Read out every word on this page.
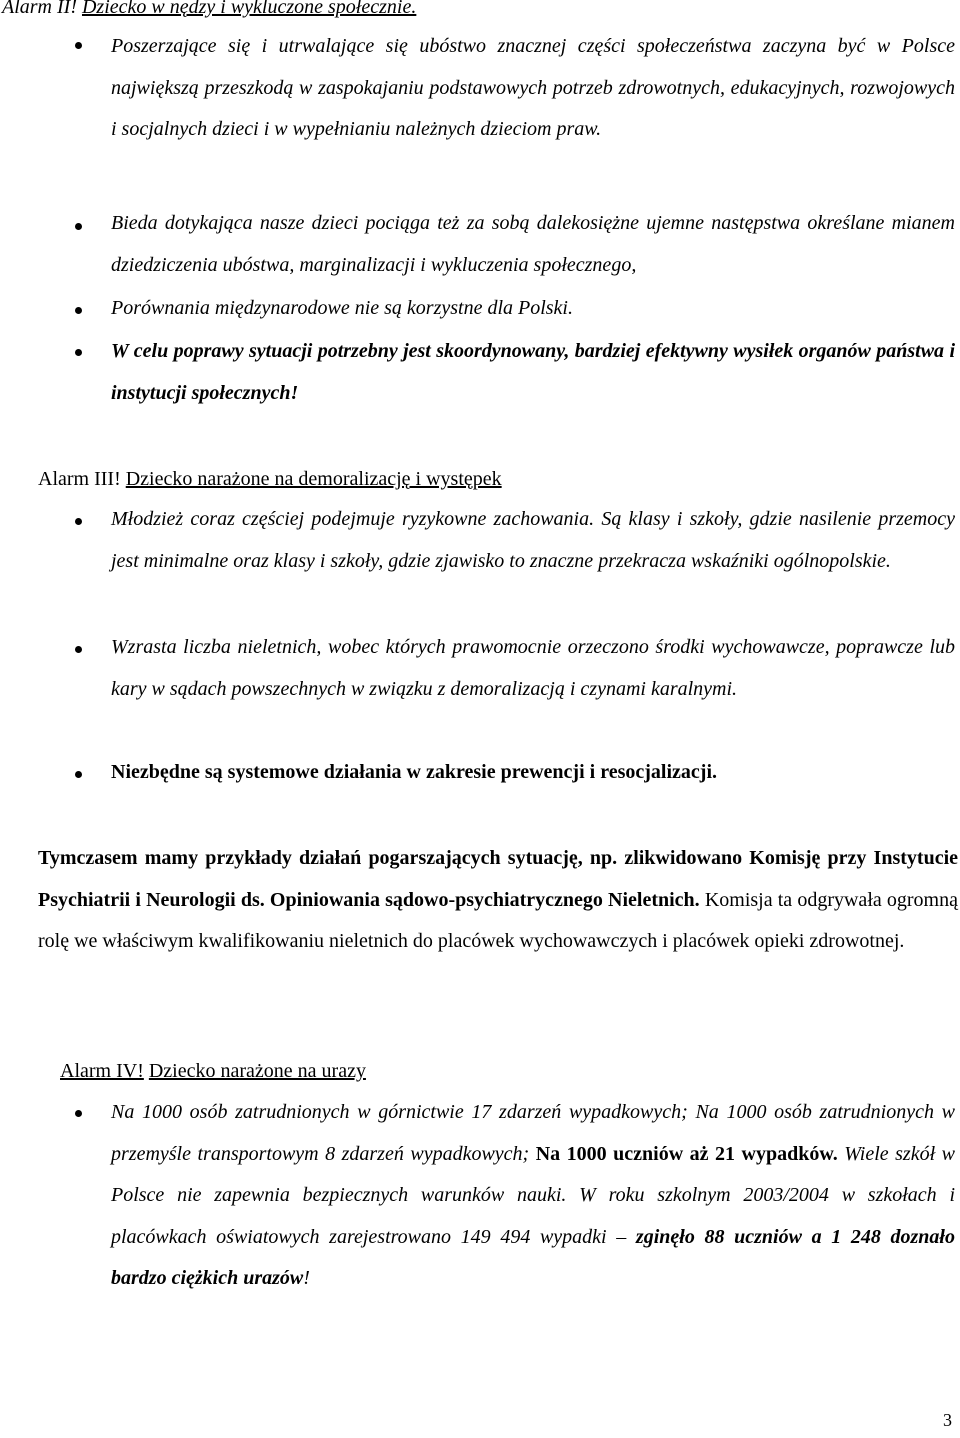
Alarm II! Dziecko w nędzy i wykluczone społecznie.
Poszerzające się i utrwalające się ubóstwo znacznej części społeczeństwa zaczyna być w Polsce największą przeszkodą w zaspokajaniu podstawowych potrzeb zdrowotnych, edukacyjnych, rozwojowych i socjalnych dzieci i w wypełnianiu należnych dzieciom praw.
Bieda dotykająca nasze dzieci pociąga też za sobą dalekosiężne ujemne następstwa określane mianem dziedziczenia ubóstwa, marginalizacji i wykluczenia społecznego,
Porównania międzynarodowe nie są korzystne dla Polski.
W celu poprawy sytuacji potrzebny jest skoordynowany, bardziej efektywny wysiłek organów państwa i instytucji społecznych!
Alarm III! Dziecko narażone na demoralizację i występek
Młodzież coraz częściej podejmuje ryzykowne zachowania. Są klasy i szkoły, gdzie nasilenie przemocy jest minimalne oraz klasy i szkoły, gdzie zjawisko to znaczne przekracza wskaźniki ogólnopolskie.
Wzrasta liczba nieletnich, wobec których prawomocnie orzeczono środki wychowawcze, poprawcze lub kary w sądach powszechnych w związku z demoralizacją i czynami karalnymi.
Niezbędne są systemowe działania w zakresie prewencji i resocjalizacji.
Tymczasem mamy przykłady działań pogarszających sytuację, np. zlikwidowano Komisję przy Instytucie Psychiatrii i Neurologii ds. Opiniowania sądowo-psychiatrycznego Nieletnich. Komisja ta odgrywała ogromną rolę we właściwym kwalifikowaniu nieletnich do placówek wychowawczych i placówek opieki zdrowotnej.
Alarm IV! Dziecko narażone na urazy
Na 1000 osób zatrudnionych w górnictwie 17 zdarzeń wypadkowych; Na 1000 osób zatrudnionych w przemyśle transportowym 8 zdarzeń wypadkowych; Na 1000 uczniów aż 21 wypadków. Wiele szkół w Polsce nie zapewnia bezpiecznych warunków nauki. W roku szkolnym 2003/2004 w szkołach i placówkach oświatowych zarejestrowano 149 494 wypadki – zginęło 88 uczniów a 1 248 doznało bardzo ciężkich urazów!
3
